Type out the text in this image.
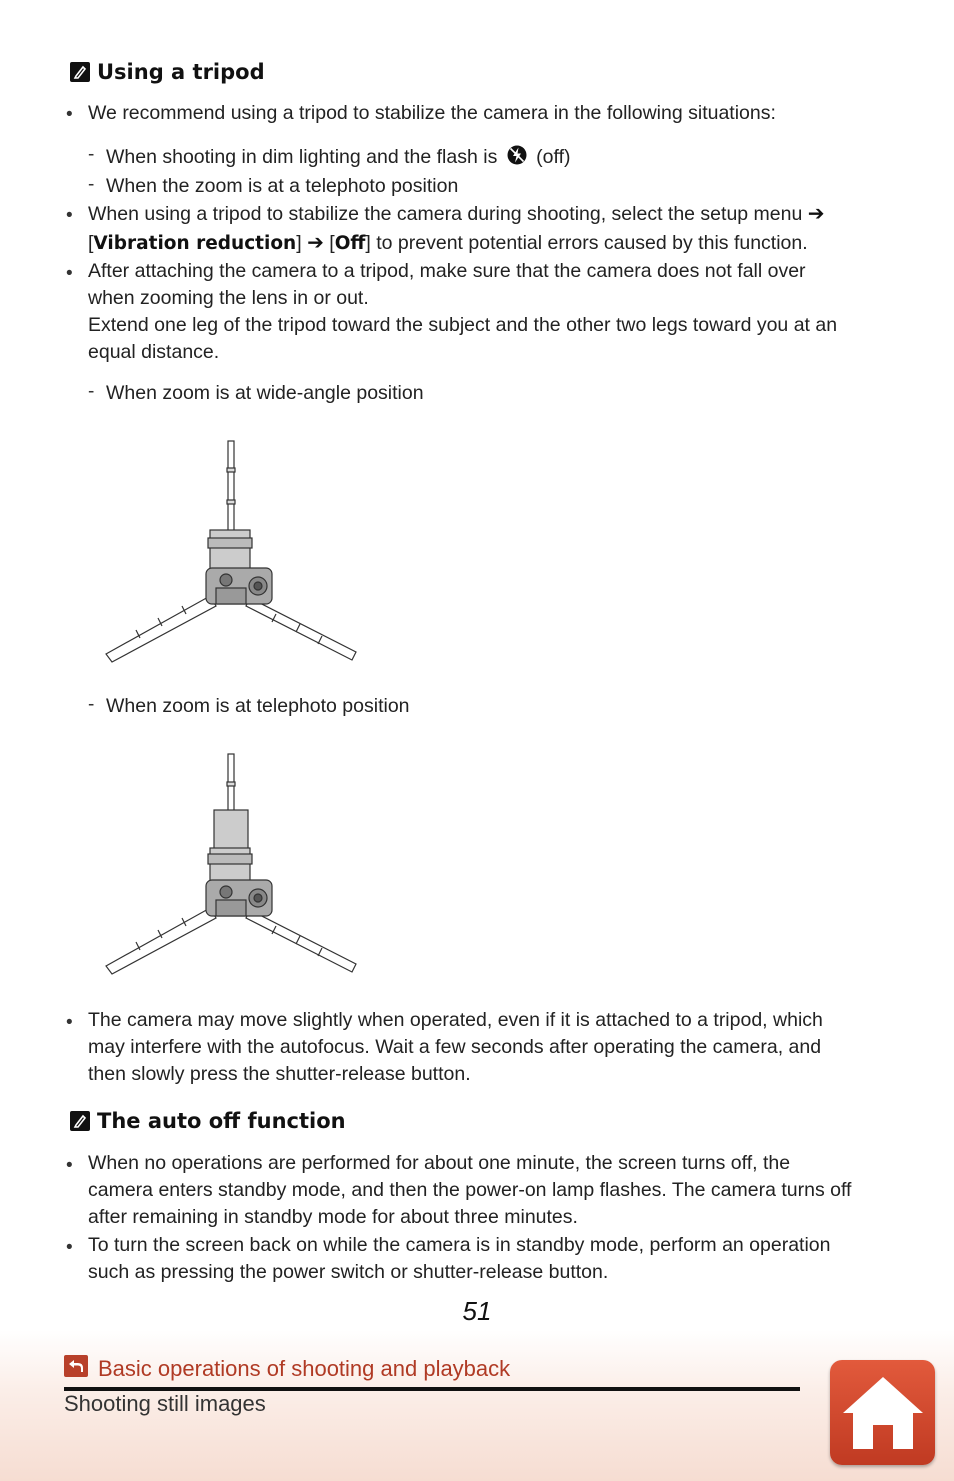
Using a tripod
• We recommend using a tripod to stabilize the camera in the following situations:
- When shooting in dim lighting and the flash is (off)
- When the zoom is at a telephoto position
• When using a tripod to stabilize the camera during shooting, select the setup menu ➔
[Vibration reduction] ➔ [Off] to prevent potential errors caused by this function.
• After attaching the camera to a tripod, make sure that the camera does not fall over
when zooming the lens in or out.
Extend one leg of the tripod toward the subject and the other two legs toward you at an
equal distance.
- When zoom is at wide-angle position
- When zoom is at telephoto position
• The camera may move slightly when operated, even if it is attached to a tripod, which
may interfere with the autofocus. Wait a few seconds after operating the camera, and
then slowly press the shutter-release button.
The auto off function
• When no operations are performed for about one minute, the screen turns off, the
camera enters standby mode, and then the power-on lamp flashes. The camera turns off
after remaining in standby mode for about three minutes.
• To turn the screen back on while the camera is in standby mode, perform an operation
such as pressing the power switch or shutter-release button.
51
Basic operations of shooting and playback
Shooting still images
